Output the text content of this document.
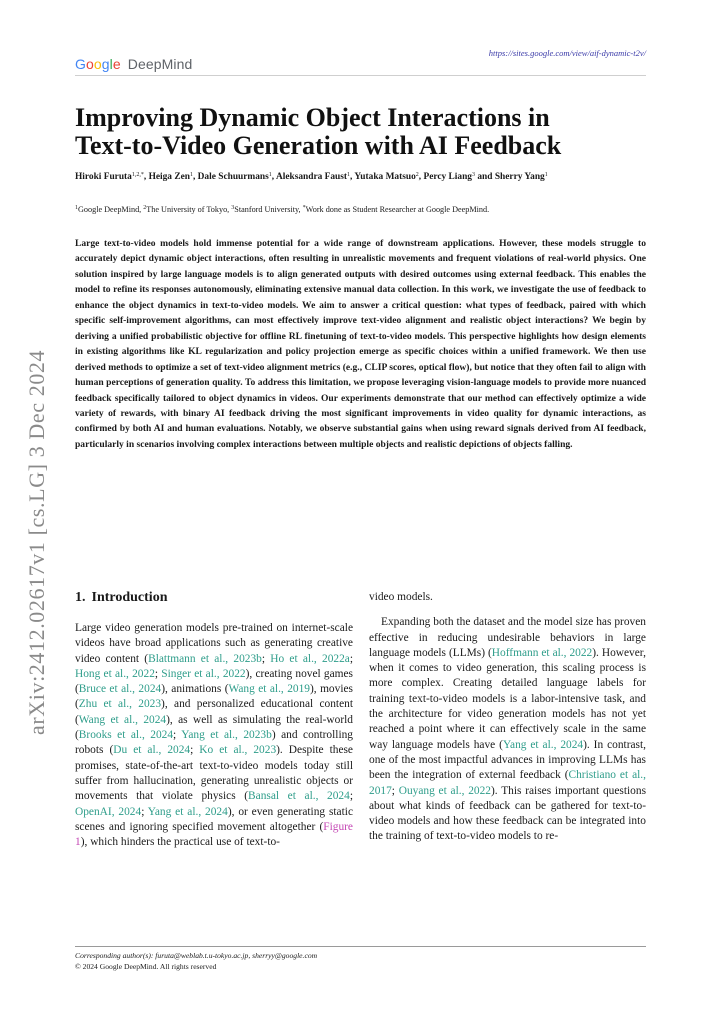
Google DeepMind
https://sites.google.com/view/aif-dynamic-t2v/
arXiv:2412.02617v1 [cs.LG] 3 Dec 2024
Improving Dynamic Object Interactions in
Text-to-Video Generation with AI Feedback
Hiroki Furuta$^{1,2,*}$, Heiga Zen$^1$, Dale Schuurmans$^1$, Aleksandra Faust$^1$, Yutaka Matsuo$^2$, Percy Liang$^3$ and Sherry Yang$^1$
$^1$Google DeepMind, $^2$The University of Tokyo, $^3$Stanford University, *Work done as Student Researcher at Google DeepMind.

Large text-to-video models hold immense potential for a wide range of downstream applications. However, these models struggle to accurately depict dynamic object interactions, often resulting in unrealistic movements and frequent violations of real-world physics. One solution inspired by large language models is to align generated outputs with desired outcomes using external feedback. This enables the model to refine its responses autonomously, eliminating extensive manual data collection. In this work, we investigate the use of feedback to enhance the object dynamics in text-to-video models. We aim to answer a critical question: what types of feedback, paired with which specific self-improvement algorithms, can most effectively improve text-video alignment and realistic object interactions? We begin by deriving a unified probabilistic objective for offline RL finetuning of text-to-video models. This perspective highlights how design elements in existing algorithms like KL regularization and policy projection emerge as specific choices within a unified framework. We then use derived methods to optimize a set of text-video alignment metrics (e.g., CLIP scores, optical flow), but notice that they often fail to align with human perceptions of generation quality. To address this limitation, we propose leveraging vision-language models to provide more nuanced feedback specifically tailored to object dynamics in videos. Our experiments demonstrate that our method can effectively optimize a wide variety of rewards, with binary AI feedback driving the most significant improvements in video quality for dynamic interactions, as confirmed by both AI and human evaluations. Notably, we observe substantial gains when using reward signals derived from AI feedback, particularly in scenarios involving complex interactions between multiple objects and realistic depictions of objects falling.

1. Introduction

Large video generation models pre-trained on internet-scale videos have broad applications such as generating creative video content (Blattmann et al., 2023b; Ho et al., 2022a; Hong et al., 2022; Singer et al., 2022), creating novel games (Bruce et al., 2024), animations (Wang et al., 2019), movies (Zhu et al., 2023), and personalized educational content (Wang et al., 2024), as well as simulating the real-world (Brooks et al., 2024; Yang et al., 2023b) and controlling robots (Du et al., 2024; Ko et al., 2023). Despite these promises, state-of-the-art text-to-video models today still suffer from hallucination, generating unrealistic objects or movements that violate physics (Bansal et al., 2024; OpenAI, 2024; Yang et al., 2024), or even generating static scenes and ignoring specified movement altogether (Figure 1), which hinders the practical use of text-to-

video models.

Expanding both the dataset and the model size has proven effective in reducing undesirable behaviors in large language models (LLMs) (Hoffmann et al., 2022). However, when it comes to video generation, this scaling process is more complex. Creating detailed language labels for training text-to-video models is a labor-intensive task, and the architecture for video generation models has not yet reached a point where it can effectively scale in the same way language models have (Yang et al., 2024). In contrast, one of the most impactful advances in improving LLMs has been the integration of external feedback (Christiano et al., 2017; Ouyang et al., 2022). This raises important questions about what kinds of feedback can be gathered for text-to-video models and how these feedback can be integrated into the training of text-to-video models to re-

Corresponding author(s): furuta@weblab.t.u-tokyo.ac.jp, sherryy@google.com
© 2024 Google DeepMind. All rights reserved
